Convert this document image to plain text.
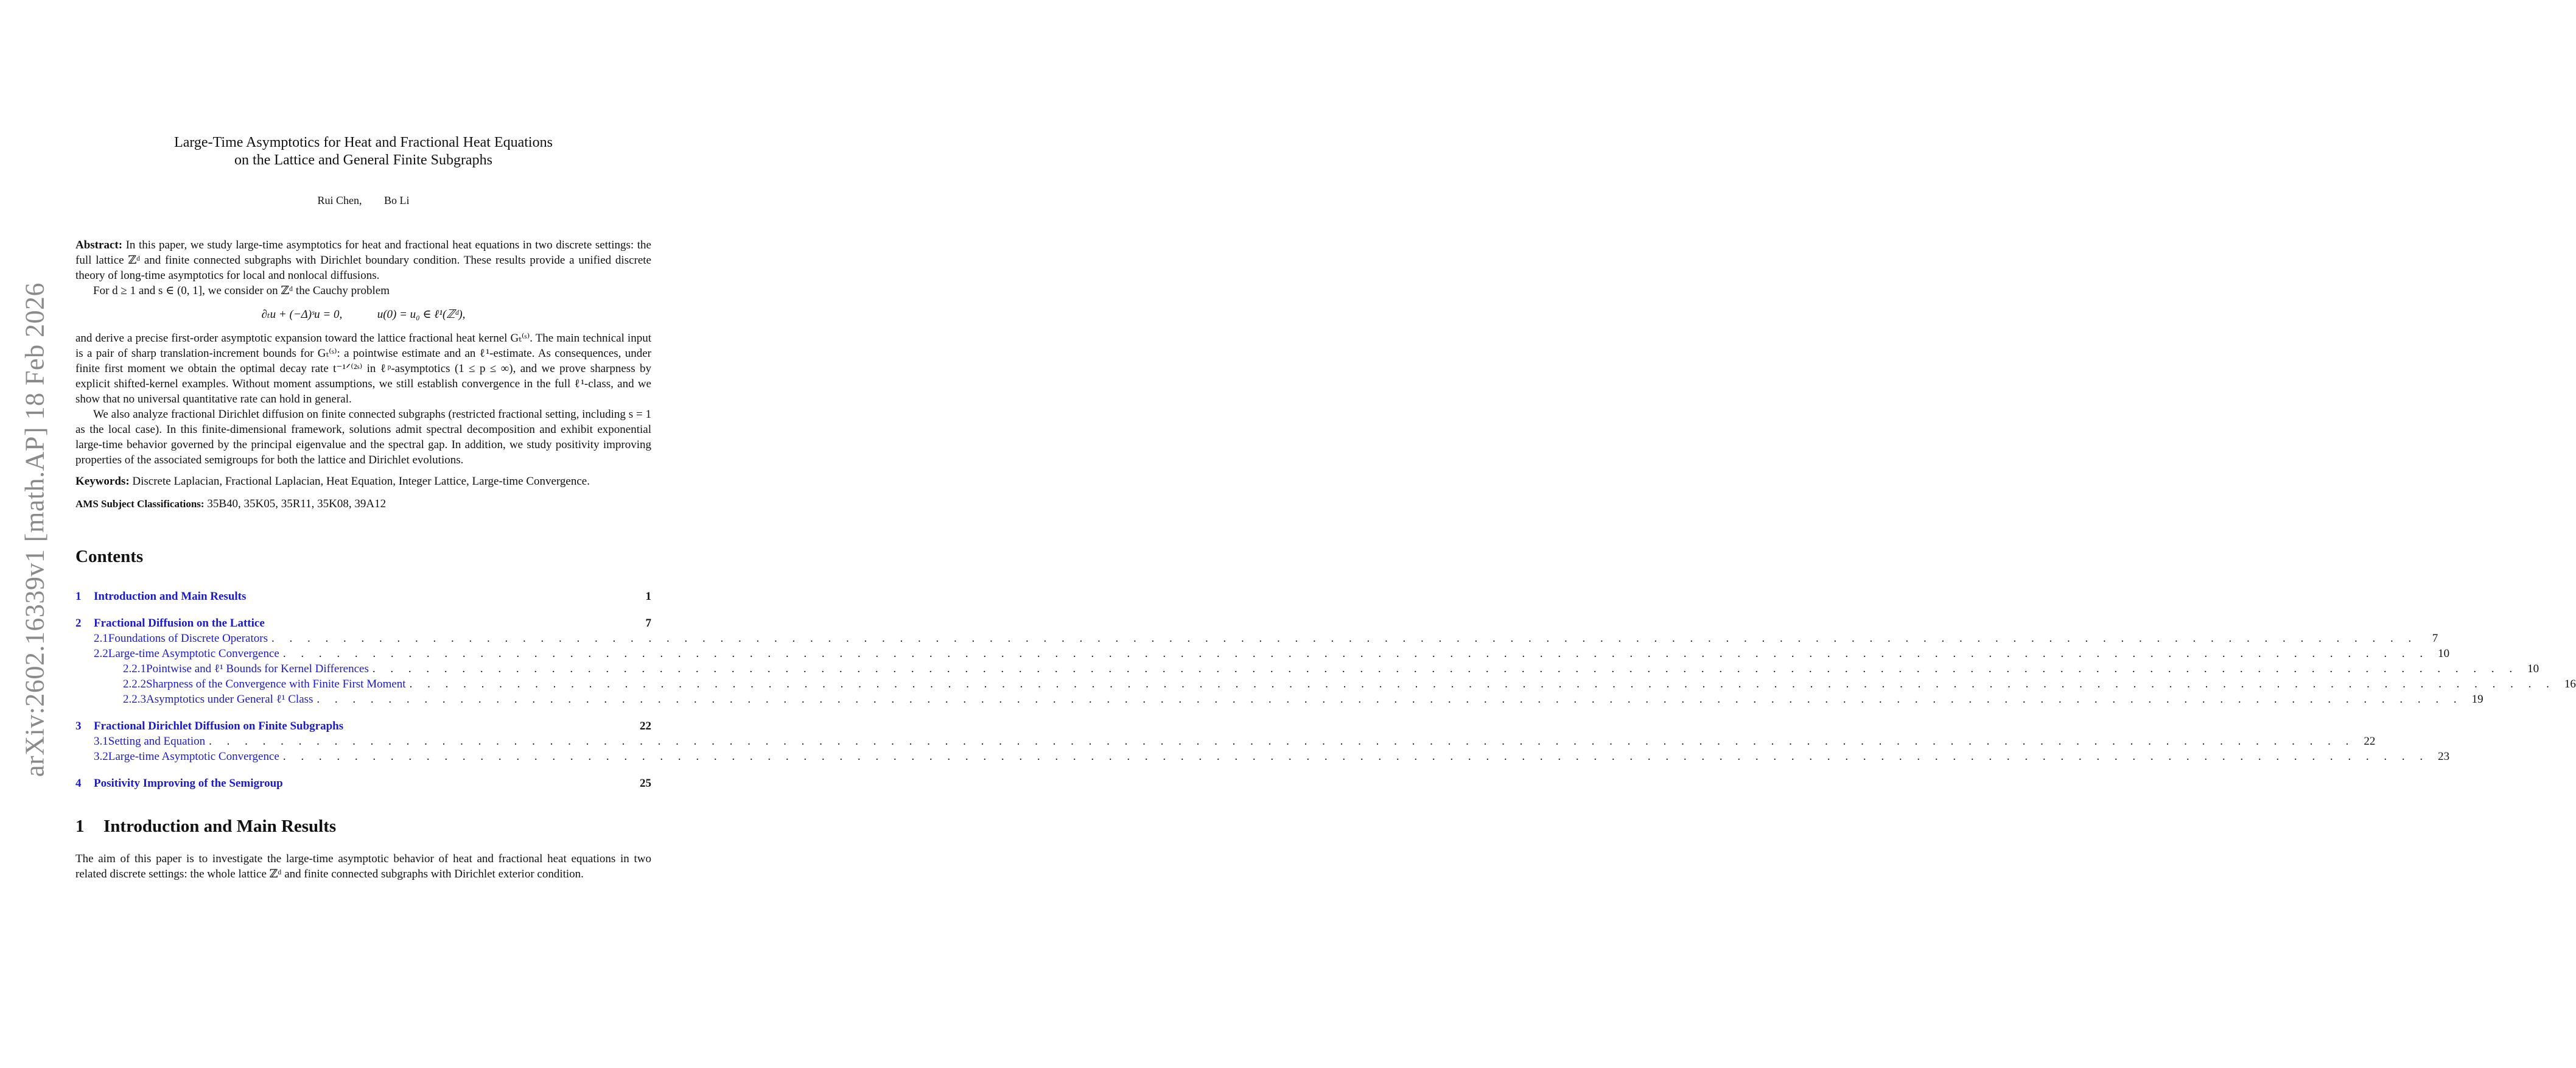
arXiv:2602.16339v1 [math.AP] 18 Feb 2026
Large-Time Asymptotics for Heat and Fractional Heat Equations
on the Lattice and General Finite Subgraphs
Rui Chen, Bo Li

Abstract: In this paper, we study large-time asymptotics for heat and fractional heat equations in two discrete settings: the full lattice ℤᵈ and finite connected subgraphs with Dirichlet boundary condition. These results provide a unified discrete theory of long-time asymptotics for local and nonlocal diffusions.

For d ≥ 1 and s ∈ (0, 1], we consider on ℤᵈ the Cauchy problem

∂ₜu + (−Δ)ˢu = 0,	u(0) = u₀ ∈ ℓ¹(ℤᵈ),

and derive a precise first-order asymptotic expansion toward the lattice fractional heat kernel Gₜ⁽ˢ⁾. The main technical input is a pair of sharp translation-increment bounds for Gₜ⁽ˢ⁾: a pointwise estimate and an ℓ¹-estimate. As consequences, under finite first moment we obtain the optimal decay rate t⁻¹ᐟ⁽²ˢ⁾ in ℓᵖ-asymptotics (1 ≤ p ≤ ∞), and we prove sharpness by explicit shifted-kernel examples. Without moment assumptions, we still establish convergence in the full ℓ¹-class, and we show that no universal quantitative rate can hold in general.

We also analyze fractional Dirichlet diffusion on finite connected subgraphs (restricted fractional setting, including s = 1 as the local case). In this finite-dimensional framework, solutions admit spectral decomposition and exhibit exponential large-time behavior governed by the principal eigenvalue and the spectral gap. In addition, we study positivity improving properties of the associated semigroups for both the lattice and Dirichlet evolutions.

Keywords: Discrete Laplacian, Fractional Laplacian, Heat Equation, Integer Lattice, Large-time Convergence.
AMS Subject Classifications: 35B40, 35K05, 35R11, 35K08, 39A12
Contents
1	Introduction and Main Results	1
2	Fractional Diffusion on the Lattice	7
2.1 Foundations of Discrete Operators . . . . . . . . . . . . . . . . . . . . . . . . . . . . . . . . . . . . . . . . . . . . . . . . . . . . . . . . . . . . . . . . . . . . . . . . . . . . . . . . . . . . . . . . . . . . . . . . . . . . . . . . . . . . . . . . . . . . . . . .	7
2.2 Large-time Asymptotic Convergence . . . . . . . . . . . . . . . . . . . . . . . . . . . . . . . . . . . . . . . . . . . . . . . . . . . . . . . . . . . . . . . . . . . . . . . . . . . . . . . . . . . . . . . . . . . . . . . . . . . . . . . . . . . . . . . . . . . . . . . . 10
2.2.1 Pointwise and ℓ¹ Bounds for Kernel Differences . . . . . . . . . . . . . . . . . . . . . . . . . . . . . . . . . . . . . . . . . . . . . . . . . . . . . . . . . . . . . . . . . . . . . . . . . . . . . . . . . . . . . . . . . . . . . . . . . . . . . . . . . . . . . . . . . . . . . . . . 10
2.2.2 Sharpness of the Convergence with Finite First Moment . . . . . . . . . . . . . . . . . . . . . . . . . . . . . . . . . . . . . . . . . . . . . . . . . . . . . . . . . . . . . . . . . . . . . . . . . . . . . . . . . . . . . . . . . . . . . . . . . . . . . . . . . . . . . . . . . . . . . . . . 16
2.2.3 Asymptotics under General ℓ¹ Class . . . . . . . . . . . . . . . . . . . . . . . . . . . . . . . . . . . . . . . . . . . . . . . . . . . . . . . . . . . . . . . . . . . . . . . . . . . . . . . . . . . . . . . . . . . . . . . . . . . . . . . . . . . . . . . . . . . . . . . . 19
3	Fractional Dirichlet Diffusion on Finite Subgraphs	22
3.1 Setting and Equation . . . . . . . . . . . . . . . . . . . . . . . . . . . . . . . . . . . . . . . . . . . . . . . . . . . . . . . . . . . . . . . . . . . . . . . . . . . . . . . . . . . . . . . . . . . . . . . . . . . . . . . . . . . . . . . . . . . . . . . . 22
3.2 Large-time Asymptotic Convergence . . . . . . . . . . . . . . . . . . . . . . . . . . . . . . . . . . . . . . . . . . . . . . . . . . . . . . . . . . . . . . . . . . . . . . . . . . . . . . . . . . . . . . . . . . . . . . . . . . . . . . . . . . . . . . . . . . . . . . . . 23
4	Positivity Improving of the Semigroup	25
1 Introduction and Main Results

The aim of this paper is to investigate the large-time asymptotic behavior of heat and fractional heat equations in two related discrete settings: the whole lattice ℤᵈ and finite connected subgraphs with Dirichlet exterior condition.
